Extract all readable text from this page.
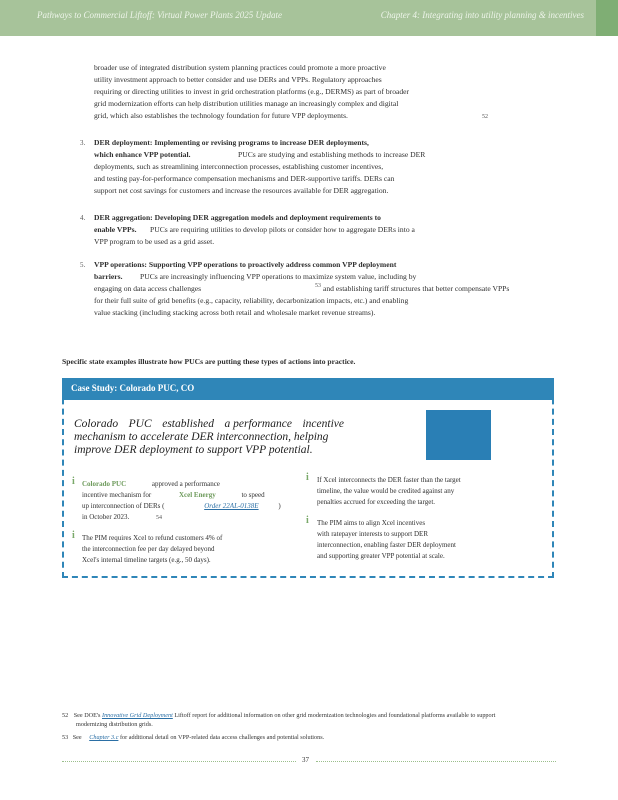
Pathways to Commercial Liftoff: Virtual Power Plants 2025 Update	Chapter 4: Integrating into utility planning & incentives
broader use of integrated distribution system planning practices could promote a more proactive
utility investment approach to better consider and use DERs and VPPs. Regulatory approaches
requiring or directing utilities to invest in grid orchestration platforms (e.g., DERMS) as part of broader
grid modernization efforts can help distribution utilities manage an increasingly complex and digital
grid, which also establishes the technology foundation for future VPP deployments.	52
3. DER deployment: Implementing or revising programs to increase DER deployments,
which enhance VPP potential.	PUCs are studying and establishing methods to increase DER
deployments, such as streamlining interconnection processes, establishing customer incentives,
and testing pay-for-performance compensation mechanisms and DER-supportive tariffs. DERs can
support net cost savings for customers and increase the resources available for DER aggregation.
4. DER aggregation: Developing DER aggregation models and deployment requirements to
enable VPPs. PUCs are requiring utilities to develop pilots or consider how to aggregate DERs into a
VPP program to be used as a grid asset.
5. VPP operations: Supporting VPP operations to proactively address common VPP deployment
barriers. PUCs are increasingly influencing VPP operations to maximize system value, including by
engaging on data access challenges	53 and establishing tariff structures that better compensate VPPs
for their full suite of grid benefits (e.g., capacity, reliability, decarbonization impacts, etc.) and enabling
value stacking (including stacking across both retail and wholesale market revenue streams).
Specific state examples illustrate how PUCs are putting these types of actions into practice.
Case Study: Colorado PUC, CO
Colorado PUC established a performance incentive
mechanism to accelerate DER interconnection, helping
improve DER deployment to support VPP potential.
i Colorado PUC	approved a performance
incentive mechanism for	Xcel Energy	to speed
up interconnection of DERs (	Order 22AL-0138E	)
in October 2023.	54
i The PIM requires Xcel to refund customers 4% of
the interconnection fee per day delayed beyond
Xcel's internal timeline targets (e.g., 50 days).
i If Xcel interconnects the DER faster than the target
timeline, the value would be credited against any
penalties accrued for exceeding the target.
i The PIM aims to align Xcel incentives
with ratepayer interests to support DER
interconnection, enabling faster DER deployment
and supporting greater VPP potential at scale.
52 See DOE's Innovative Grid Deployment Liftoff report for additional information on other grid modernization technologies and foundational platforms available to support
modernizing distribution grids.
53 See Chapter 3.c for additional detail on VPP-related data access challenges and potential solutions.
37
